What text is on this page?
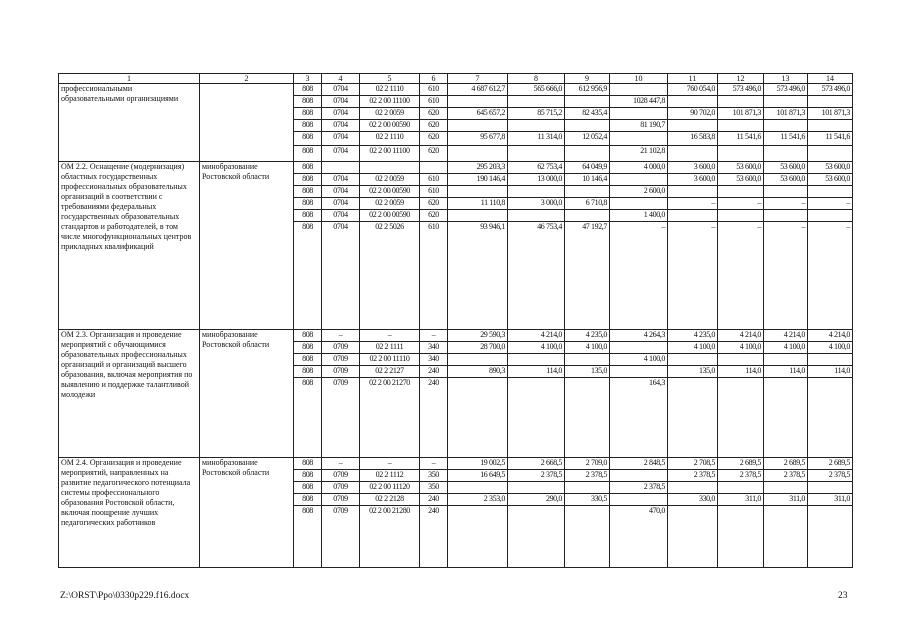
1	2	3	4	5	6	7	8	9	10	11	12	13	14
профессиональными образовательными организациями		808	0704	02 2 1110	610	4 687 612,7	565 666,0	612 956,9		760 054,0	573 496,0	573 496,0	573 496,0
		808	0704	02 2 00 11100	610				1028 447,8				
		808	0704	02 2 0059	620	645 657,2	85 715,2	82 435,4		90 702,0	101 871,3	101 871,3	101 871,3
		808	0704	02 2 00 00590	620				81 190,7				
		808	0704	02 2 1110	620	95 677,8	11 314,0	12 052,4		16 583,8	11 541,6	11 541,6	11 541,6
		808	0704	02 2 00 11100	620				21 102,8				
ОМ 2.2. Оснащение (модернизация) областных государственных профессиональных образовательных организаций в соответствии с требованиями федеральных государственных образовательных стандартов и работодателей, в том числе многофункциональных центров прикладных квалификаций	минобразование Ростовской области	808				295 203,3	62 753,4	64 049,9	4 000,0	3 600,0	53 600,0	53 600,0	53 600,0
		808	0704	02 2 0059	610	190 146,4	13 000,0	10 146,4		3 600,0	53 600,0	53 600,0	53 600,0
		808	0704	02 2 00 00590	610				2 600,0				
		808	0704	02 2 0059	620	11 110,8	3 000,0	6 710,8		–	–	–	–
		808	0704	02 2 00 00590	620				1 400,0				
		808	0704	02 2 5026	610	93 946,1	46 753,4	47 192,7	–	–	–	–	–
ОМ 2.3. Организация и проведение мероприятий с обучающимися образовательных профессиональных организаций и организаций высшего образования, включая мероприятия по выявлению и поддержке талантливой молодежи	минобразование Ростовской области	808	–	–	–	29 590,3	4 214,0	4 235,0	4 264,3	4 235,0	4 214,0	4 214,0	4 214,0
		808	0709	02 2 1111	340	28 700,0	4 100,0	4 100,0		4 100,0	4 100,0	4 100,0	4 100,0
		808	0709	02 2 00 11110	340				4 100,0				
		808	0709	02 2 2127	240	890,3	114,0	135,0		135,0	114,0	114,0	114,0
		808	0709	02 2 00 21270	240				164,3				
ОМ 2.4. Организация и проведение мероприятий, направленных на развитие педагогического потенциала системы профессионального образования Ростовской области, включая поощрение лучших педагогических работников	минобразование Ростовской области	808	–	–	–	19 002,5	2 668,5	2 709,0	2 848,5	2 708,5	2 689,5	2 689,5	2 689,5
		808	0709	02 2 1112	350	16 649,5	2 378,5	2 378,5		2 378,5	2 378,5	2 378,5	2 378,5
		808	0709	02 2 00 11120	350				2 378,5				
		808	0709	02 2 2128	240	2 353,0	290,0	330,5		330,0	311,0	311,0	311,0
		808	0709	02 2 00 21280	240				470,0				
Z:\ORST\Ppo\0330p229.f16.docx	23
